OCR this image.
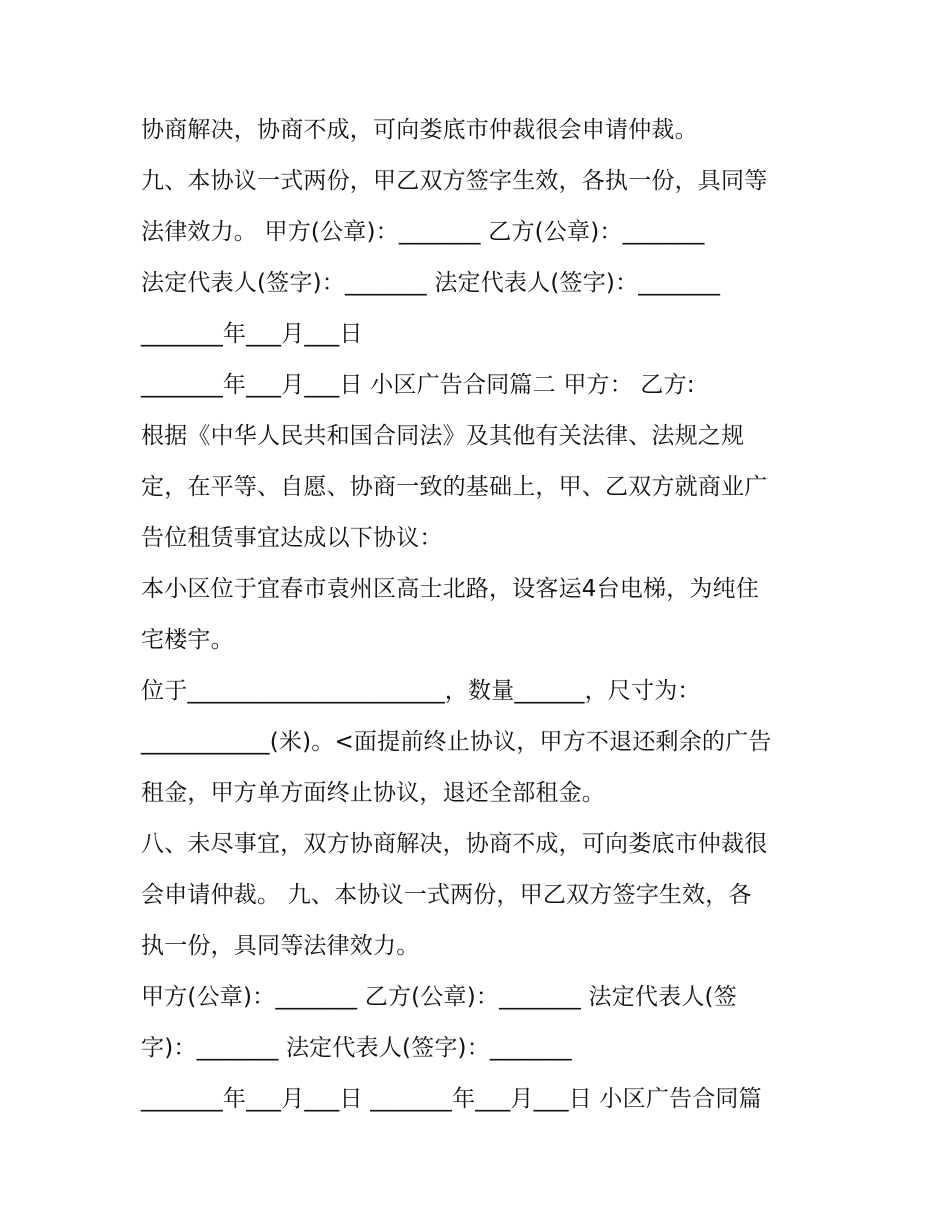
协商解决，协商不成，可向娄底市仲裁很会申请仲裁。
九、本协议一式两份，甲乙双方签字生效，各执一份，具同等
法律效力。 甲方(公章)：_______ 乙方(公章)：_______
法定代表人(签字)：_______ 法定代表人(签字)：_______
_______年___月___日
_______年___月___日 小区广告合同篇二 甲方： 乙方:
根据《中华人民共和国合同法》及其他有关法律、法规之规
定，在平等、自愿、协商一致的基础上，甲、乙双方就商业广
告位租赁事宜达成以下协议：
本小区位于宜春市袁州区高士北路，设客运4台电梯，为纯住
宅楼宇。
位于______________________，数量______，尺寸为：
___________(米)。<面提前终止协议，甲方不退还剩余的广告
租金，甲方单方面终止协议，退还全部租金。
八、未尽事宜，双方协商解决，协商不成，可向娄底市仲裁很
会申请仲裁。 九、本协议一式两份，甲乙双方签字生效，各
执一份，具同等法律效力。
甲方(公章)：_______ 乙方(公章)：_______ 法定代表人(签
字)：_______ 法定代表人(签字)：_______
_______年___月___日 _______年___月___日 小区广告合同篇
